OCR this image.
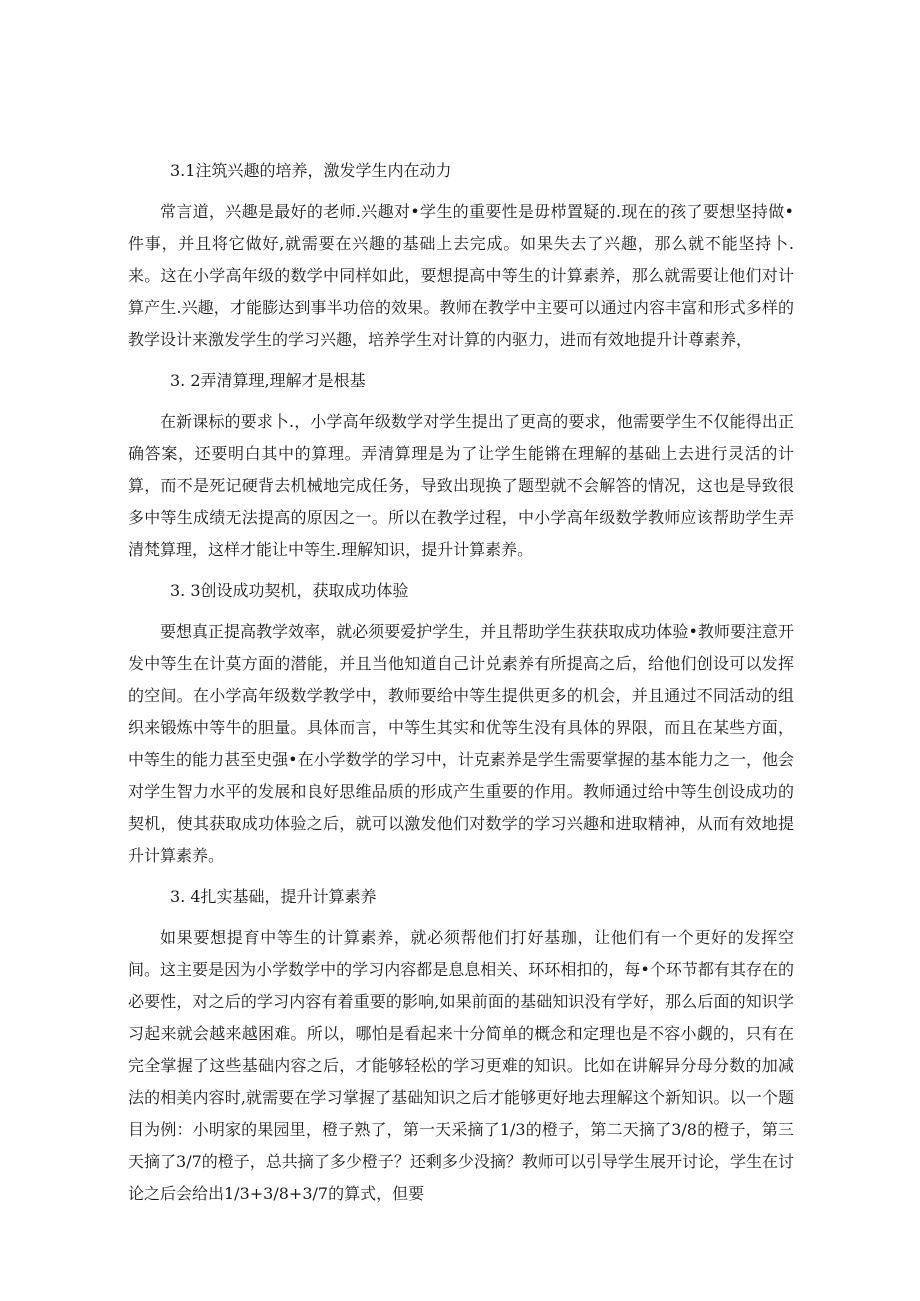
3.1注筑兴趣的培养，激发学生内在动力

常言道，兴趣是最好的老师.兴趣对•学生的重要性是毋栉置疑的.现在的孩了要想坚持做•件事，并且将它做好,就需要在兴趣的基础上去完成。如果失去了兴趣，那么就不能坚持卜.来。这在小学高年级的数学中同样如此，要想提高中等生的计算素养，那么就需要让他们对计算产生.兴趣，才能膨达到事半功倍的效果。教师在教学中主要可以通过内容丰富和形式多样的教学设计来激发学生的学习兴趣，培养学生对计算的内驱力，进而有效地提升计尊素养，

3. 2弄清算理,理解才是根基

在新课标的要求卜.，小学高年级数学对学生提出了更高的要求，他需要学生不仅能得出正确答案，还要明白其中的算理。弄清算理是为了让学生能锵在理解的基础上去进行灵活的计算，而不是死记硬背去机械地完成任务，导致出现换了题型就不会解答的情况，这也是导致很多中等生成绩无法提高的原因之一。所以在教学过程，中小学高年级数学教师应该帮助学生弄清梵算理，这样才能让中等生.理解知识，提升计算素养。

3. 3创设成功契机，获取成功体验

要想真正提高教学效率，就必须要爱护学生，并且帮助学生获获取成功体验•教师要注意开发中等生在计莫方面的潜能，并且当他知道自己计兑素养有所提高之后，给他们创设可以发挥的空间。在小学高年级数学教学中，教师要给中等生提供更多的机会，并且通过不同活动的组织来锻炼中等牛的胆量。具体而言，中等生其实和优等生没有具体的界限，而且在某些方面，中等生的能力甚至史强•在小学数学的学习中，计克素养是学生需要掌握的基本能力之一，他会对学生智力水平的发展和良好思维品质的形成产生重要的作用。教师通过给中等生创设成功的契机，使其获取成功体验之后，就可以激发他们对数学的学习兴趣和进取精神，从而有效地提升计算素养。

3. 4扎实基础，提升计算素养

如果要想提育中等生的计算素养，就必须帮他们打好基珈，让他们有一个更好的发挥空间。这主要是因为小学数学中的学习内容都是息息相关、环环相扣的，每•个环节都有其存在的必要性，对之后的学习内容有着重要的影响,如果前面的基础知识没有学好，那么后面的知识学习起来就会越来越困难。所以，哪怕是看起来十分简单的概念和定理也是不容小觑的，只有在完全掌握了这些基础内容之后，才能够轻松的学习更难的知识。比如在讲解异分母分数的加减法的相美内容时,就需要在学习掌握了基础知识之后才能够更好地去理解这个新知识。以一个题目为例：小明家的果园里，橙子熟了，第一天采摘了1/3的橙子，第二天摘了3/8的橙子，第三天摘了3/7的橙子，总共摘了多少橙子？还剩多少没摘？教师可以引导学生展开讨论，学生在讨论之后会给出1/3+3/8+3/7的算式，但要
